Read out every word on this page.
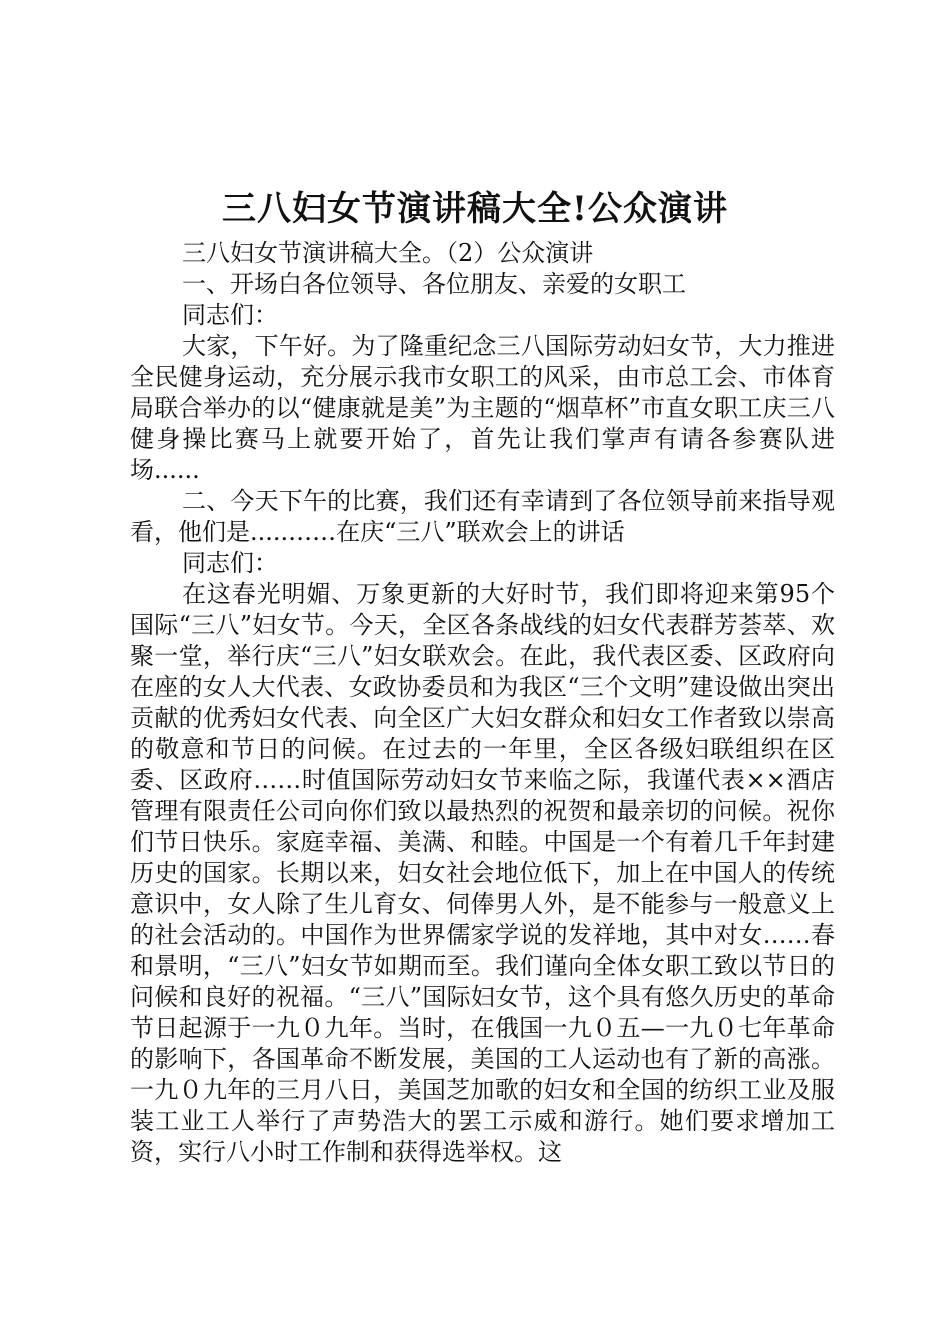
三八妇女节演讲稿大全!公众演讲

三八妇女节演讲稿大全。（2）公众演讲

一、开场白各位领导、各位朋友、亲爱的女职工

同志们：

大家，下午好。为了隆重纪念三八国际劳动妇女节，大力推进全民健身运动，充分展示我市女职工的风采，由市总工会、市体育局联合举办的以“健康就是美”为主题的“烟草杯”市直女职工庆三八健身操比赛马上就要开始了，首先让我们掌声有请各参赛队进场......

二、今天下午的比赛，我们还有幸请到了各位领导前来指导观看，他们是.....……在庆“三八”联欢会上的讲话

同志们：

在这春光明媚、万象更新的大好时节，我们即将迎来第95个国际“三八”妇女节。今天，全区各条战线的妇女代表群芳荟萃、欢聚一堂，举行庆“三八”妇女联欢会。在此，我代表区委、区政府向在座的女人大代表、女政协委员和为我区“三个文明”建设做出突出贡献的优秀妇女代表、向全区广大妇女群众和妇女工作者致以崇高的敬意和节日的问候。在过去的一年里，全区各级妇联组织在区委、区政府……时值国际劳动妇女节来临之际，我谨代表××酒店管理有限责任公司向你们致以最热烈的祝贺和最亲切的问候。祝你们节日快乐。家庭幸福、美满、和睦。中国是一个有着几千年封建历史的国家。长期以来，妇女社会地位低下，加上在中国人的传统意识中，女人除了生儿育女、伺俸男人外，是不能参与一般意义上的社会活动的。中国作为世界儒家学说的发祥地，其中对女……春和景明，“三八”妇女节如期而至。我们谨向全体女职工致以节日的问候和良好的祝福。“三八”国际妇女节，这个具有悠久历史的革命节日起源于一九０九年。当时，在俄国一九０五—一九０七年革命的影响下，各国革命不断发展，美国的工人运动也有了新的高涨。一九０九年的三月八日，美国芝加歌的妇女和全国的纺织工业及服装工业工人举行了声势浩大的罢工示威和游行。她们要求增加工资，实行八小时工作制和获得选举权。这
